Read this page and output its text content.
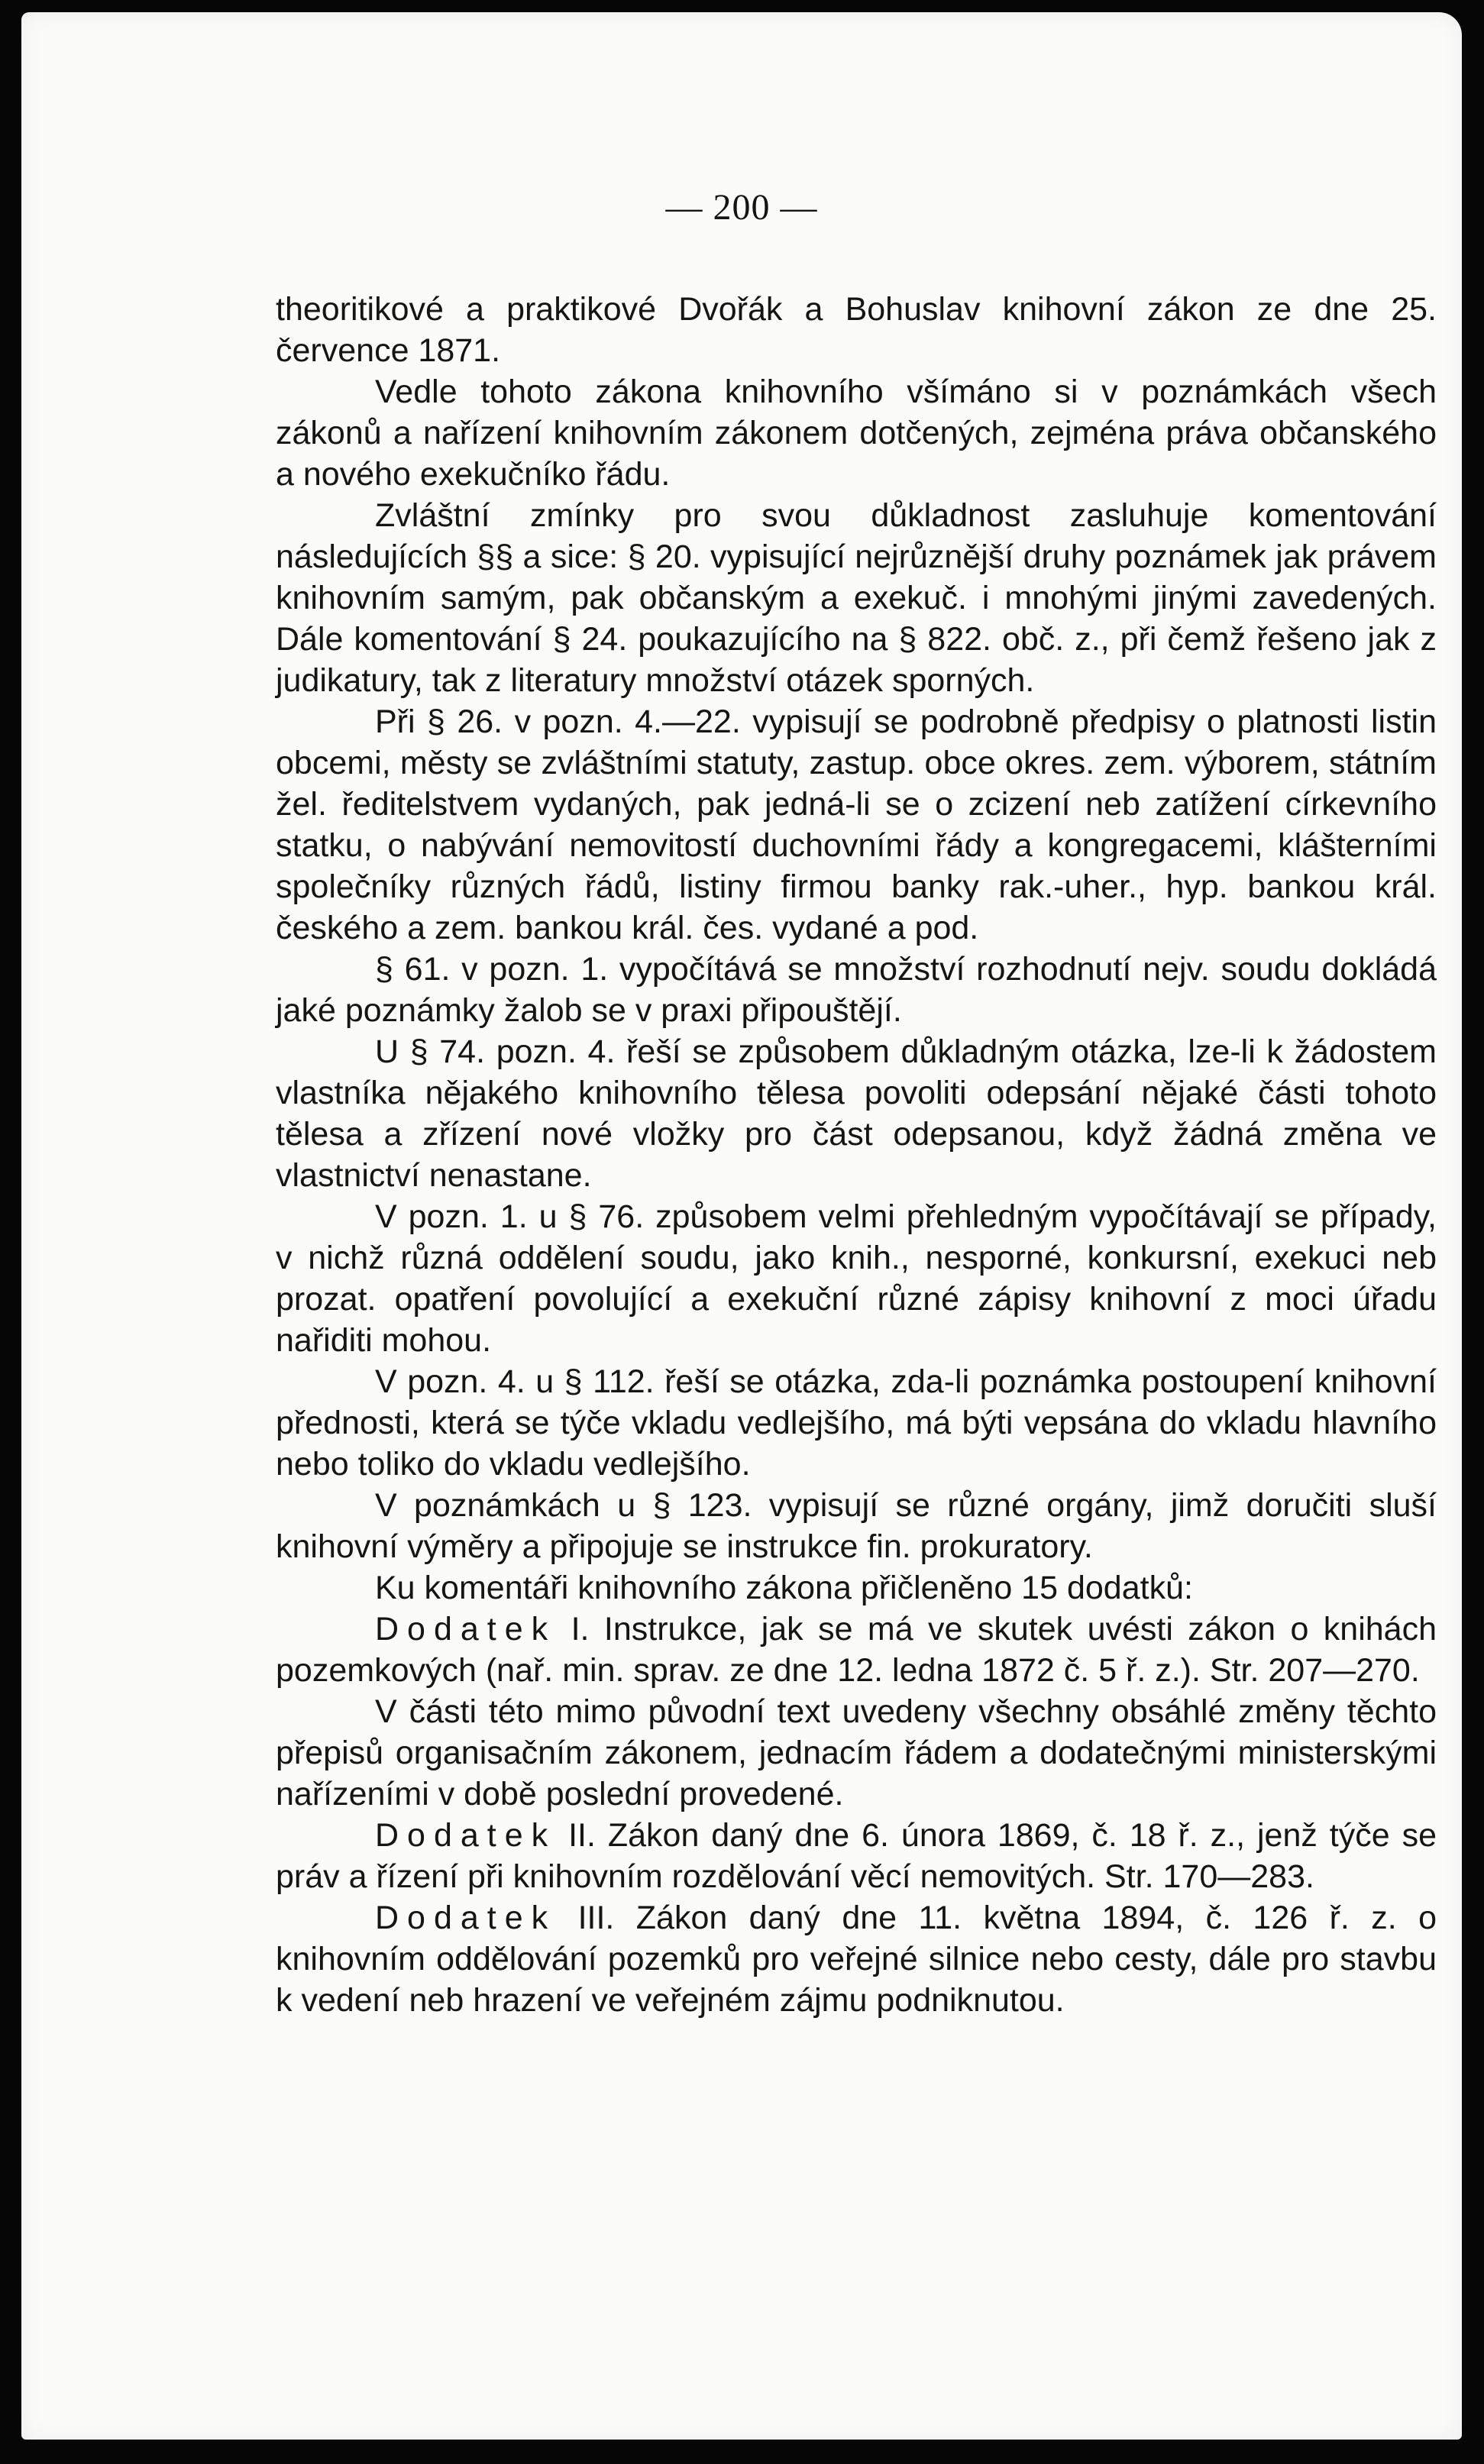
— 200 —

theoritikové a praktikové Dvořák a Bohuslav knihovní zákon ze dne 25. července 1871.

Vedle tohoto zákona knihovního všímáno si v poznámkách všech zákonů a nařízení knihovním zákonem dotčených, zejména práva občanského a nového exekučníko řádu.

Zvláštní zmínky pro svou důkladnost zasluhuje komentování následujících §§ a sice: § 20. vypisující nejrůznější druhy poznámek jak právem knihovním samým, pak občanským a exekuč. i mnohými jinými zavedených. Dále komentování § 24. poukazujícího na § 822. obč. z., při čemž řešeno jak z judikatury, tak z literatury množství otázek sporných.

Při § 26. v pozn. 4.—22. vypisují se podrobně předpisy o platnosti listin obcemi, městy se zvláštními statuty, zastup. obce okres. zem. výborem, státním žel. ředitelstvem vydaných, pak jedná-li se o zcizení neb zatížení církevního statku, o nabývání nemovitostí duchovními řády a kongregacemi, klášterními společníky různých řádů, listiny firmou banky rak.-uher., hyp. bankou král. českého a zem. bankou král. čes. vydané a pod.

§ 61. v pozn. 1. vypočítává se množství rozhodnutí nejv. soudu dokládá jaké poznámky žalob se v praxi připouštějí.

U § 74. pozn. 4. řeší se způsobem důkladným otázka, lze-li k žádostem vlastníka nějakého knihovního tělesa povoliti odepsání nějaké části tohoto tělesa a zřízení nové vložky pro část odepsanou, když žádná změna ve vlastnictví nenastane.

V pozn. 1. u § 76. způsobem velmi přehledným vypočítávají se případy, v nichž různá oddělení soudu, jako knih., nesporné, konkursní, exekuci neb prozat. opatření povolující a exekuční různé zápisy knihovní z moci úřadu nařiditi mohou.

V pozn. 4. u § 112. řeší se otázka, zda-li poznámka postoupení knihovní přednosti, která se týče vkladu vedlejšího, má býti vepsána do vkladu hlavního nebo toliko do vkladu vedlejšího.

V poznámkách u § 123. vypisují se různé orgány, jimž doručiti sluší knihovní výměry a připojuje se instrukce fin. prokuratory.

Ku komentáři knihovního zákona přičleněno 15 dodatků:

Dodatek I. Instrukce, jak se má ve skutek uvésti zákon o knihách pozemkových (nař. min. sprav. ze dne 12. ledna 1872 č. 5 ř. z.). Str. 207—270.

V části této mimo původní text uvedeny všechny obsáhlé změny těchto přepisů organisačním zákonem, jednacím řádem a dodatečnými ministerskými nařízeními v době poslední provedené.

Dodatek II. Zákon daný dne 6. února 1869, č. 18 ř. z., jenž týče se práv a řízení při knihovním rozdělování věcí nemovitých. Str. 170—283.

Dodatek III. Zákon daný dne 11. května 1894, č. 126 ř. z. o knihovním oddělování pozemků pro veřejné silnice nebo cesty, dále pro stavbu k vedení neb hrazení ve veřejném zájmu podniknutou.
